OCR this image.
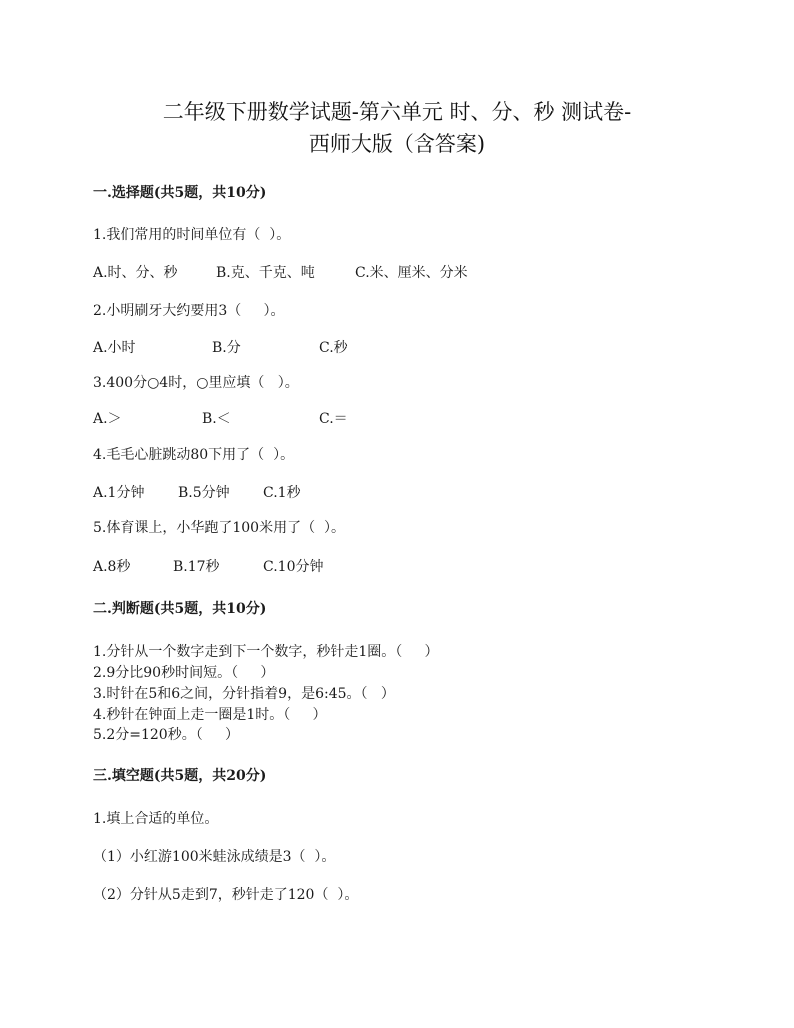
二年级下册数学试题-第六单元 时、分、秒 测试卷-
西师大版（含答案)
一.选择题(共5题，共10分)
1.我们常用的时间单位有（  ）。
A.时、分、秒	B.克、千克、吨	C.米、厘米、分米
2.小明刷牙大约要用3（     ）。
A.小时	B.分	C.秒
3.400分○4时，○里应填（   ）。
A.＞	B.＜	C.＝
4.毛毛心脏跳动80下用了（  ）。
A.1分钟 B.5分钟 C.1秒
5.体育课上，小华跑了100米用了（  ）。
A.8秒	B.17秒	C.10分钟
二.判断题(共5题，共10分)
1.分针从一个数字走到下一个数字，秒针走1圈。（     ）
2.9分比90秒时间短。（     ）
3.时针在5和6之间，分针指着9，是6:45。（   ）
4.秒针在钟面上走一圈是1时。（     ）
5.2分=120秒。（     ）
三.填空题(共5题，共20分)
1.填上合适的单位。
（1）小红游100米蛙泳成绩是3（  ）。
（2）分针从5走到7，秒针走了120（  ）。
